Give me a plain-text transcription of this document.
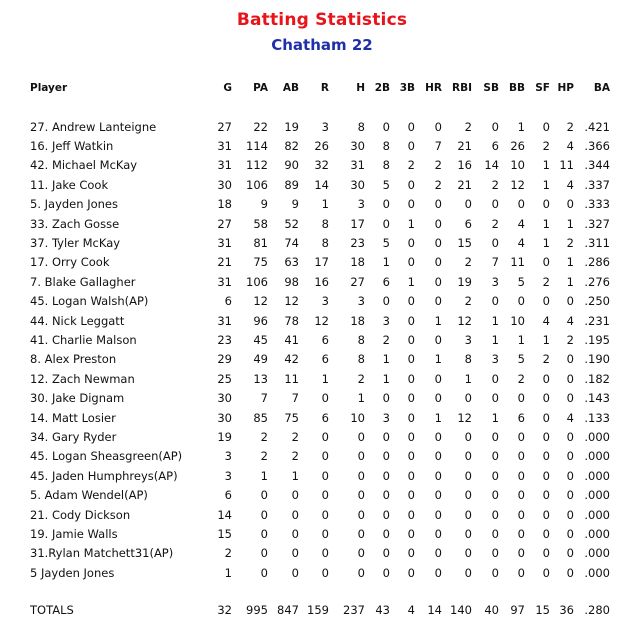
Batting Statistics
Chatham 22
Player	G	PA	AB	R	H	2B	3B	HR	RBI	SB	BB	SF	HP	BA

27. Andrew Lanteigne	27	22	19	3	8	0	0	0	2	0	1	0	2	.421
16. Jeff Watkin	31	114	82	26	30	8	0	7	21	6	26	2	4	.366
42. Michael McKay	31	112	90	32	31	8	2	2	16	14	10	1	11	.344
11. Jake Cook	30	106	89	14	30	5	0	2	21	2	12	1	4	.337
5. Jayden Jones	18	9	9	1	3	0	0	0	0	0	0	0	0	.333
33. Zach Gosse	27	58	52	8	17	0	1	0	6	2	4	1	1	.327
37. Tyler McKay	31	81	74	8	23	5	0	0	15	0	4	1	2	.311
17. Orry Cook	21	75	63	17	18	1	0	0	2	7	11	0	1	.286
7. Blake Gallagher	31	106	98	16	27	6	1	0	19	3	5	2	1	.276
45. Logan Walsh(AP)	6	12	12	3	3	0	0	0	2	0	0	0	0	.250
44. Nick Leggatt	31	96	78	12	18	3	0	1	12	1	10	4	4	.231
41. Charlie Malson	23	45	41	6	8	2	0	0	3	1	1	1	2	.195
8. Alex Preston	29	49	42	6	8	1	0	1	8	3	5	2	0	.190
12. Zach Newman	25	13	11	1	2	1	0	0	1	0	2	0	0	.182
30. Jake Dignam	30	7	7	0	1	0	0	0	0	0	0	0	0	.143
14. Matt Losier	30	85	75	6	10	3	0	1	12	1	6	0	4	.133
34. Gary Ryder	19	2	2	0	0	0	0	0	0	0	0	0	0	.000
45. Logan Sheasgreen(AP)	3	2	2	0	0	0	0	0	0	0	0	0	0	.000
45. Jaden Humphreys(AP)	3	1	1	0	0	0	0	0	0	0	0	0	0	.000
5. Adam Wendel(AP)	6	0	0	0	0	0	0	0	0	0	0	0	0	.000
21. Cody Dickson	14	0	0	0	0	0	0	0	0	0	0	0	0	.000
19. Jamie Walls	15	0	0	0	0	0	0	0	0	0	0	0	0	.000
31.Rylan Matchett31(AP)	2	0	0	0	0	0	0	0	0	0	0	0	0	.000
5 Jayden Jones	1	0	0	0	0	0	0	0	0	0	0	0	0	.000

TOTALS	32	995	847	159	237	43	4	14	140	40	97	15	36	.280
